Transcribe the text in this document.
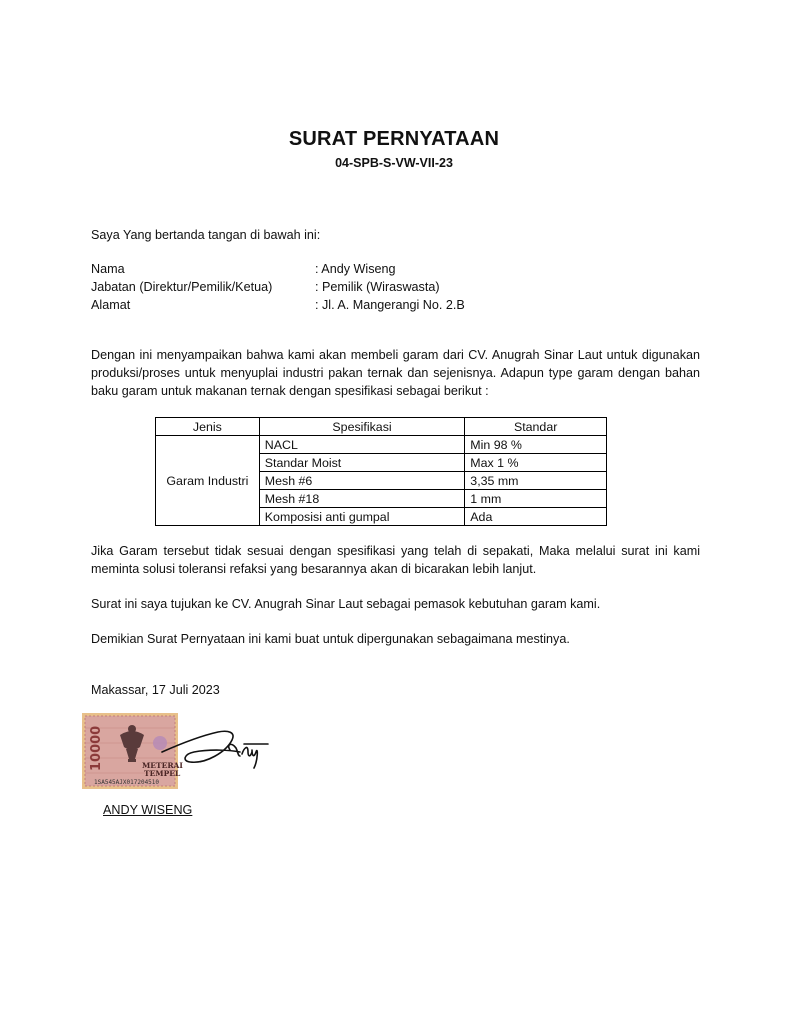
SURAT PERNYATAAN
04-SPB-S-VW-VII-23
Saya Yang bertanda tangan di bawah ini:
Nama	: Andy Wiseng
Jabatan (Direktur/Pemilik/Ketua)	: Pemilik (Wiraswasta)
Alamat	: Jl. A. Mangerangi No. 2.B
Dengan ini menyampaikan bahwa kami akan membeli garam dari CV. Anugrah Sinar Laut untuk digunakan produksi/proses untuk menyuplai industri pakan ternak dan sejenisnya. Adapun type garam dengan bahan baku garam untuk makanan ternak dengan spesifikasi sebagai berikut :
Jenis	Spesifikasi	Standar
Garam Industri	NACL	Min 98 %
	Standar Moist	Max 1 %
	Mesh #6	3,35 mm
	Mesh #18	1 mm
	Komposisi anti gumpal	Ada
Jika Garam tersebut tidak sesuai dengan spesifikasi yang telah di sepakati, Maka melalui surat ini kami meminta solusi toleransi refaksi yang besarannya akan di bicarakan lebih lanjut.
Surat ini saya tujukan ke CV. Anugrah Sinar Laut sebagai pemasok kebutuhan garam kami.
Demikian Surat Pernyataan ini kami buat untuk dipergunakan sebagaimana mestinya.
Makassar, 17 Juli 2023
10000	METERAI
TEMPEL
1SA545AJX017204510
ANDY WISENG
